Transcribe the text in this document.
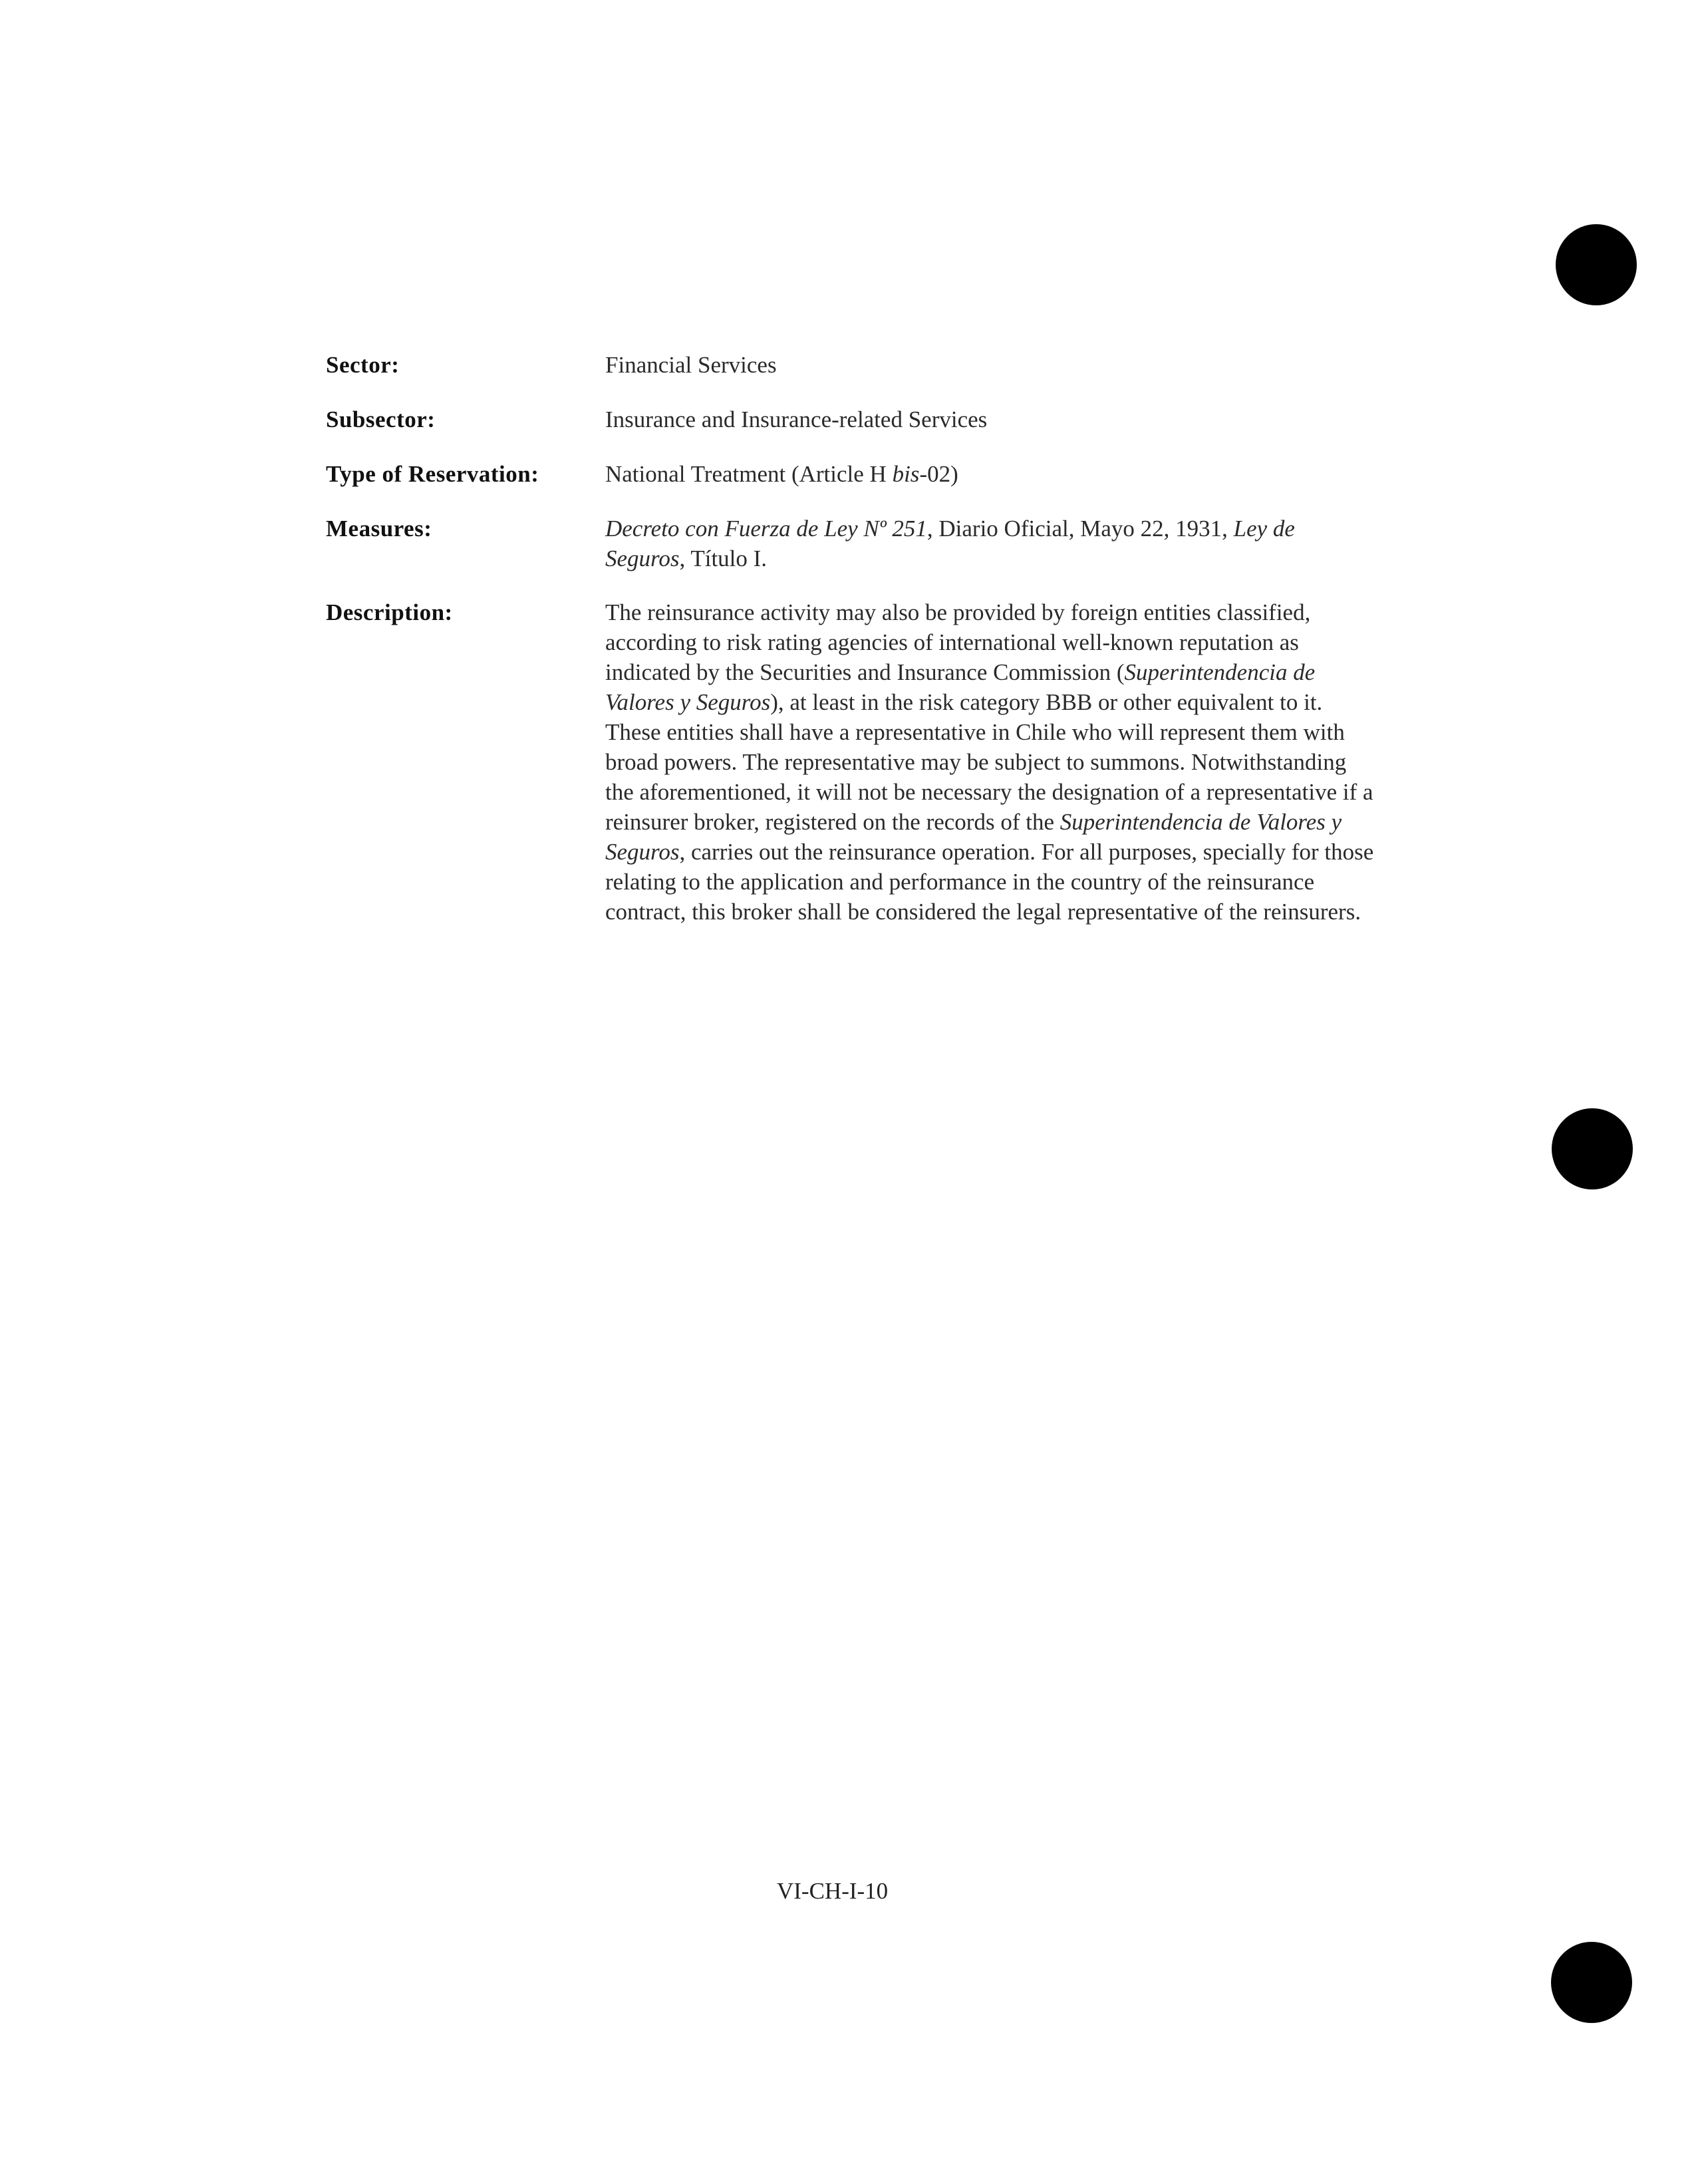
Sector:	Financial Services
Subsector:	Insurance and Insurance-related Services
Type of Reservation:	National Treatment (Article H bis-02)
Measures:	Decreto con Fuerza de Ley Nº 251, Diario Oficial, Mayo 22, 1931, Ley de Seguros, Título I.
Description:	The reinsurance activity may also be provided by foreign entities classified, according to risk rating agencies of international well-known reputation as indicated by the Securities and Insurance Commission (Superintendencia de Valores y Seguros), at least in the risk category BBB or other equivalent to it. These entities shall have a representative in Chile who will represent them with broad powers. The representative may be subject to summons. Notwithstanding the aforementioned, it will not be necessary the designation of a representative if a reinsurer broker, registered on the records of the Superintendencia de Valores y Seguros, carries out the reinsurance operation. For all purposes, specially for those relating to the application and performance in the country of the reinsurance contract, this broker shall be considered the legal representative of the reinsurers.
VI-CH-I-10
